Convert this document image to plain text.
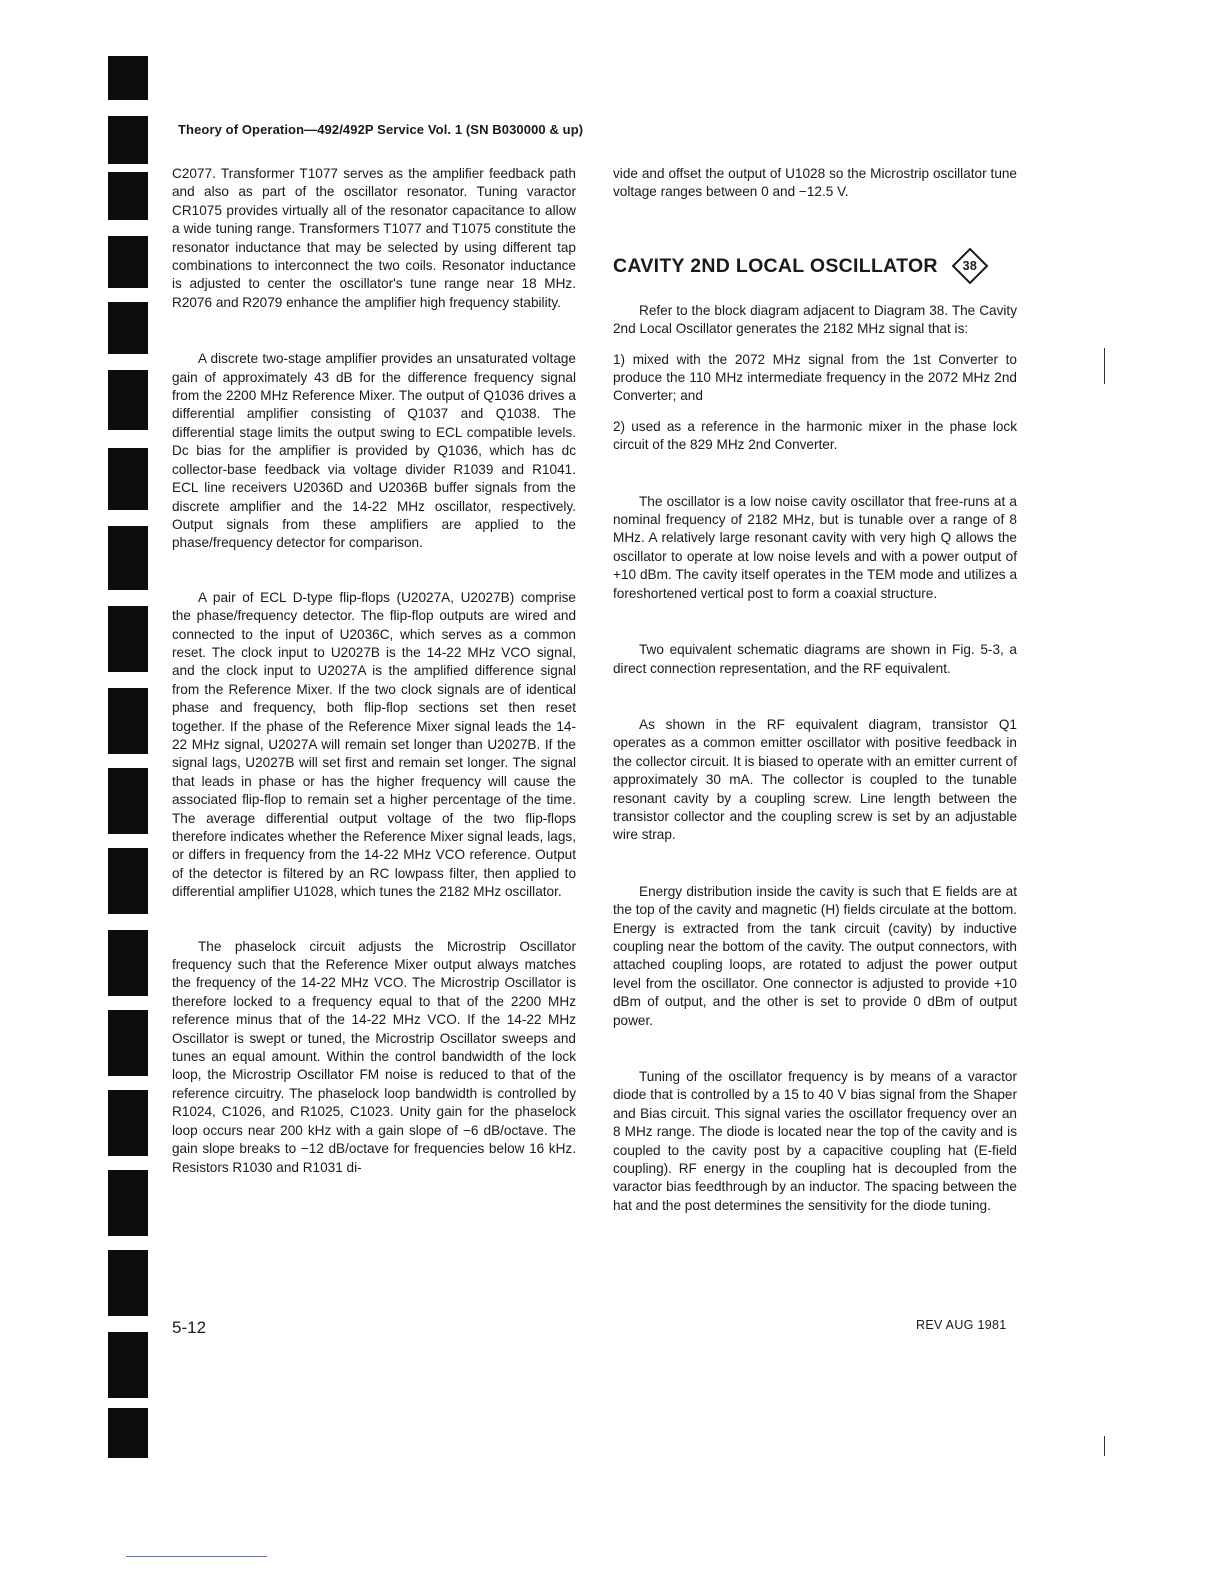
Theory of Operation—492/492P Service Vol. 1 (SN B030000 & up)

C2077. Transformer T1077 serves as the amplifier feedback path and also as part of the oscillator resonator. Tuning varactor CR1075 provides virtually all of the resonator capacitance to allow a wide tuning range. Transformers T1077 and T1075 constitute the resonator inductance that may be selected by using different tap combinations to interconnect the two coils. Resonator inductance is adjusted to center the oscillator's tune range near 18 MHz. R2076 and R2079 enhance the amplifier high frequency stability.

A discrete two-stage amplifier provides an unsaturated voltage gain of approximately 43 dB for the difference frequency signal from the 2200 MHz Reference Mixer. The output of Q1036 drives a differential amplifier consisting of Q1037 and Q1038. The differential stage limits the output swing to ECL compatible levels. Dc bias for the amplifier is provided by Q1036, which has dc collector-base feedback via voltage divider R1039 and R1041. ECL line receivers U2036D and U2036B buffer signals from the discrete amplifier and the 14-22 MHz oscillator, respectively. Output signals from these amplifiers are applied to the phase/frequency detector for comparison.

A pair of ECL D-type flip-flops (U2027A, U2027B) comprise the phase/frequency detector. The flip-flop outputs are wired and connected to the input of U2036C, which serves as a common reset. The clock input to U2027B is the 14-22 MHz VCO signal, and the clock input to U2027A is the amplified difference signal from the Reference Mixer. If the two clock signals are of identical phase and frequency, both flip-flop sections set then reset together. If the phase of the Reference Mixer signal leads the 14-22 MHz signal, U2027A will remain set longer than U2027B. If the signal lags, U2027B will set first and remain set longer. The signal that leads in phase or has the higher frequency will cause the associated flip-flop to remain set a higher percentage of the time. The average differential output voltage of the two flip-flops therefore indicates whether the Reference Mixer signal leads, lags, or differs in frequency from the 14-22 MHz VCO reference. Output of the detector is filtered by an RC lowpass filter, then applied to differential amplifier U1028, which tunes the 2182 MHz oscillator.

The phaselock circuit adjusts the Microstrip Oscillator frequency such that the Reference Mixer output always matches the frequency of the 14-22 MHz VCO. The Microstrip Oscillator is therefore locked to a frequency equal to that of the 2200 MHz reference minus that of the 14-22 MHz VCO. If the 14-22 MHz Oscillator is swept or tuned, the Microstrip Oscillator sweeps and tunes an equal amount. Within the control bandwidth of the lock loop, the Microstrip Oscillator FM noise is reduced to that of the reference circuitry. The phaselock loop bandwidth is controlled by R1024, C1026, and R1025, C1023. Unity gain for the phaselock loop occurs near 200 kHz with a gain slope of −6 dB/octave. The gain slope breaks to −12 dB/octave for frequencies below 16 kHz. Resistors R1030 and R1031 di-

vide and offset the output of U1028 so the Microstrip oscillator tune voltage ranges between 0 and −12.5 V.

CAVITY 2ND LOCAL OSCILLATOR	38

Refer to the block diagram adjacent to Diagram 38. The Cavity 2nd Local Oscillator generates the 2182 MHz signal that is:

1) mixed with the 2072 MHz signal from the 1st Converter to produce the 110 MHz intermediate frequency in the 2072 MHz 2nd Converter; and

2) used as a reference in the harmonic mixer in the phase lock circuit of the 829 MHz 2nd Converter.

The oscillator is a low noise cavity oscillator that free-runs at a nominal frequency of 2182 MHz, but is tunable over a range of 8 MHz. A relatively large resonant cavity with very high Q allows the oscillator to operate at low noise levels and with a power output of +10 dBm. The cavity itself operates in the TEM mode and utilizes a foreshortened vertical post to form a coaxial structure.

Two equivalent schematic diagrams are shown in Fig. 5-3, a direct connection representation, and the RF equivalent.

As shown in the RF equivalent diagram, transistor Q1 operates as a common emitter oscillator with positive feedback in the collector circuit. It is biased to operate with an emitter current of approximately 30 mA. The collector is coupled to the tunable resonant cavity by a coupling screw. Line length between the transistor collector and the coupling screw is set by an adjustable wire strap.

Energy distribution inside the cavity is such that E fields are at the top of the cavity and magnetic (H) fields circulate at the bottom. Energy is extracted from the tank circuit (cavity) by inductive coupling near the bottom of the cavity. The output connectors, with attached coupling loops, are rotated to adjust the power output level from the oscillator. One connector is adjusted to provide +10 dBm of output, and the other is set to provide 0 dBm of output power.

Tuning of the oscillator frequency is by means of a varactor diode that is controlled by a 15 to 40 V bias signal from the Shaper and Bias circuit. This signal varies the oscillator frequency over an 8 MHz range. The diode is located near the top of the cavity and is coupled to the cavity post by a capacitive coupling hat (E-field coupling). RF energy in the coupling hat is decoupled from the varactor bias feedthrough by an inductor. The spacing between the hat and the post determines the sensitivity for the diode tuning.

5-12	REV AUG 1981
